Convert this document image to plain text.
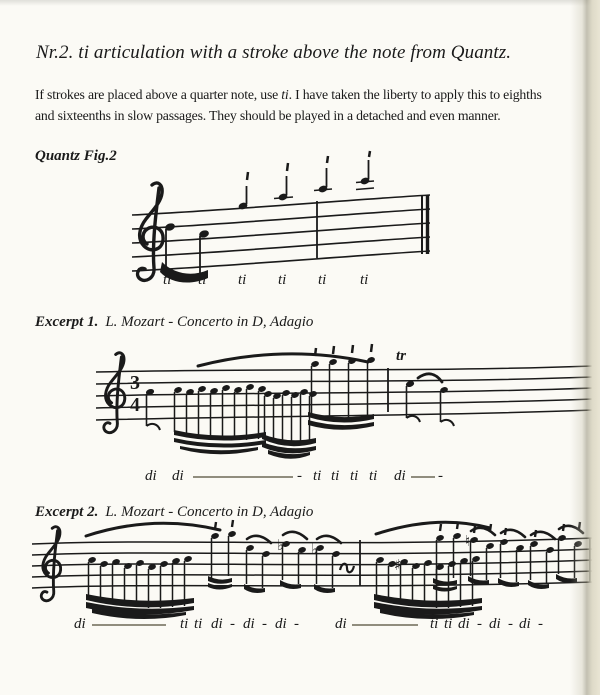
Nr.2. ti articulation with a stroke above the note from Quantz.
If strokes are placed above a quarter note, use ti. I have taken the liberty to apply this to eighths
and sixteenths in slow passages. They should be played in a detached and even manner.
Quantz Fig.2
ti ti ti ti ti ti
Excerpt 1. L. Mozart - Concerto in D, Adagio
3
4
tr
di di	- ti ti ti ti di -
Excerpt 2. L. Mozart - Concerto in D, Adagio
♭ ♭
♯
♮
di	ti ti di - di - di - di	ti ti di - di - di -
